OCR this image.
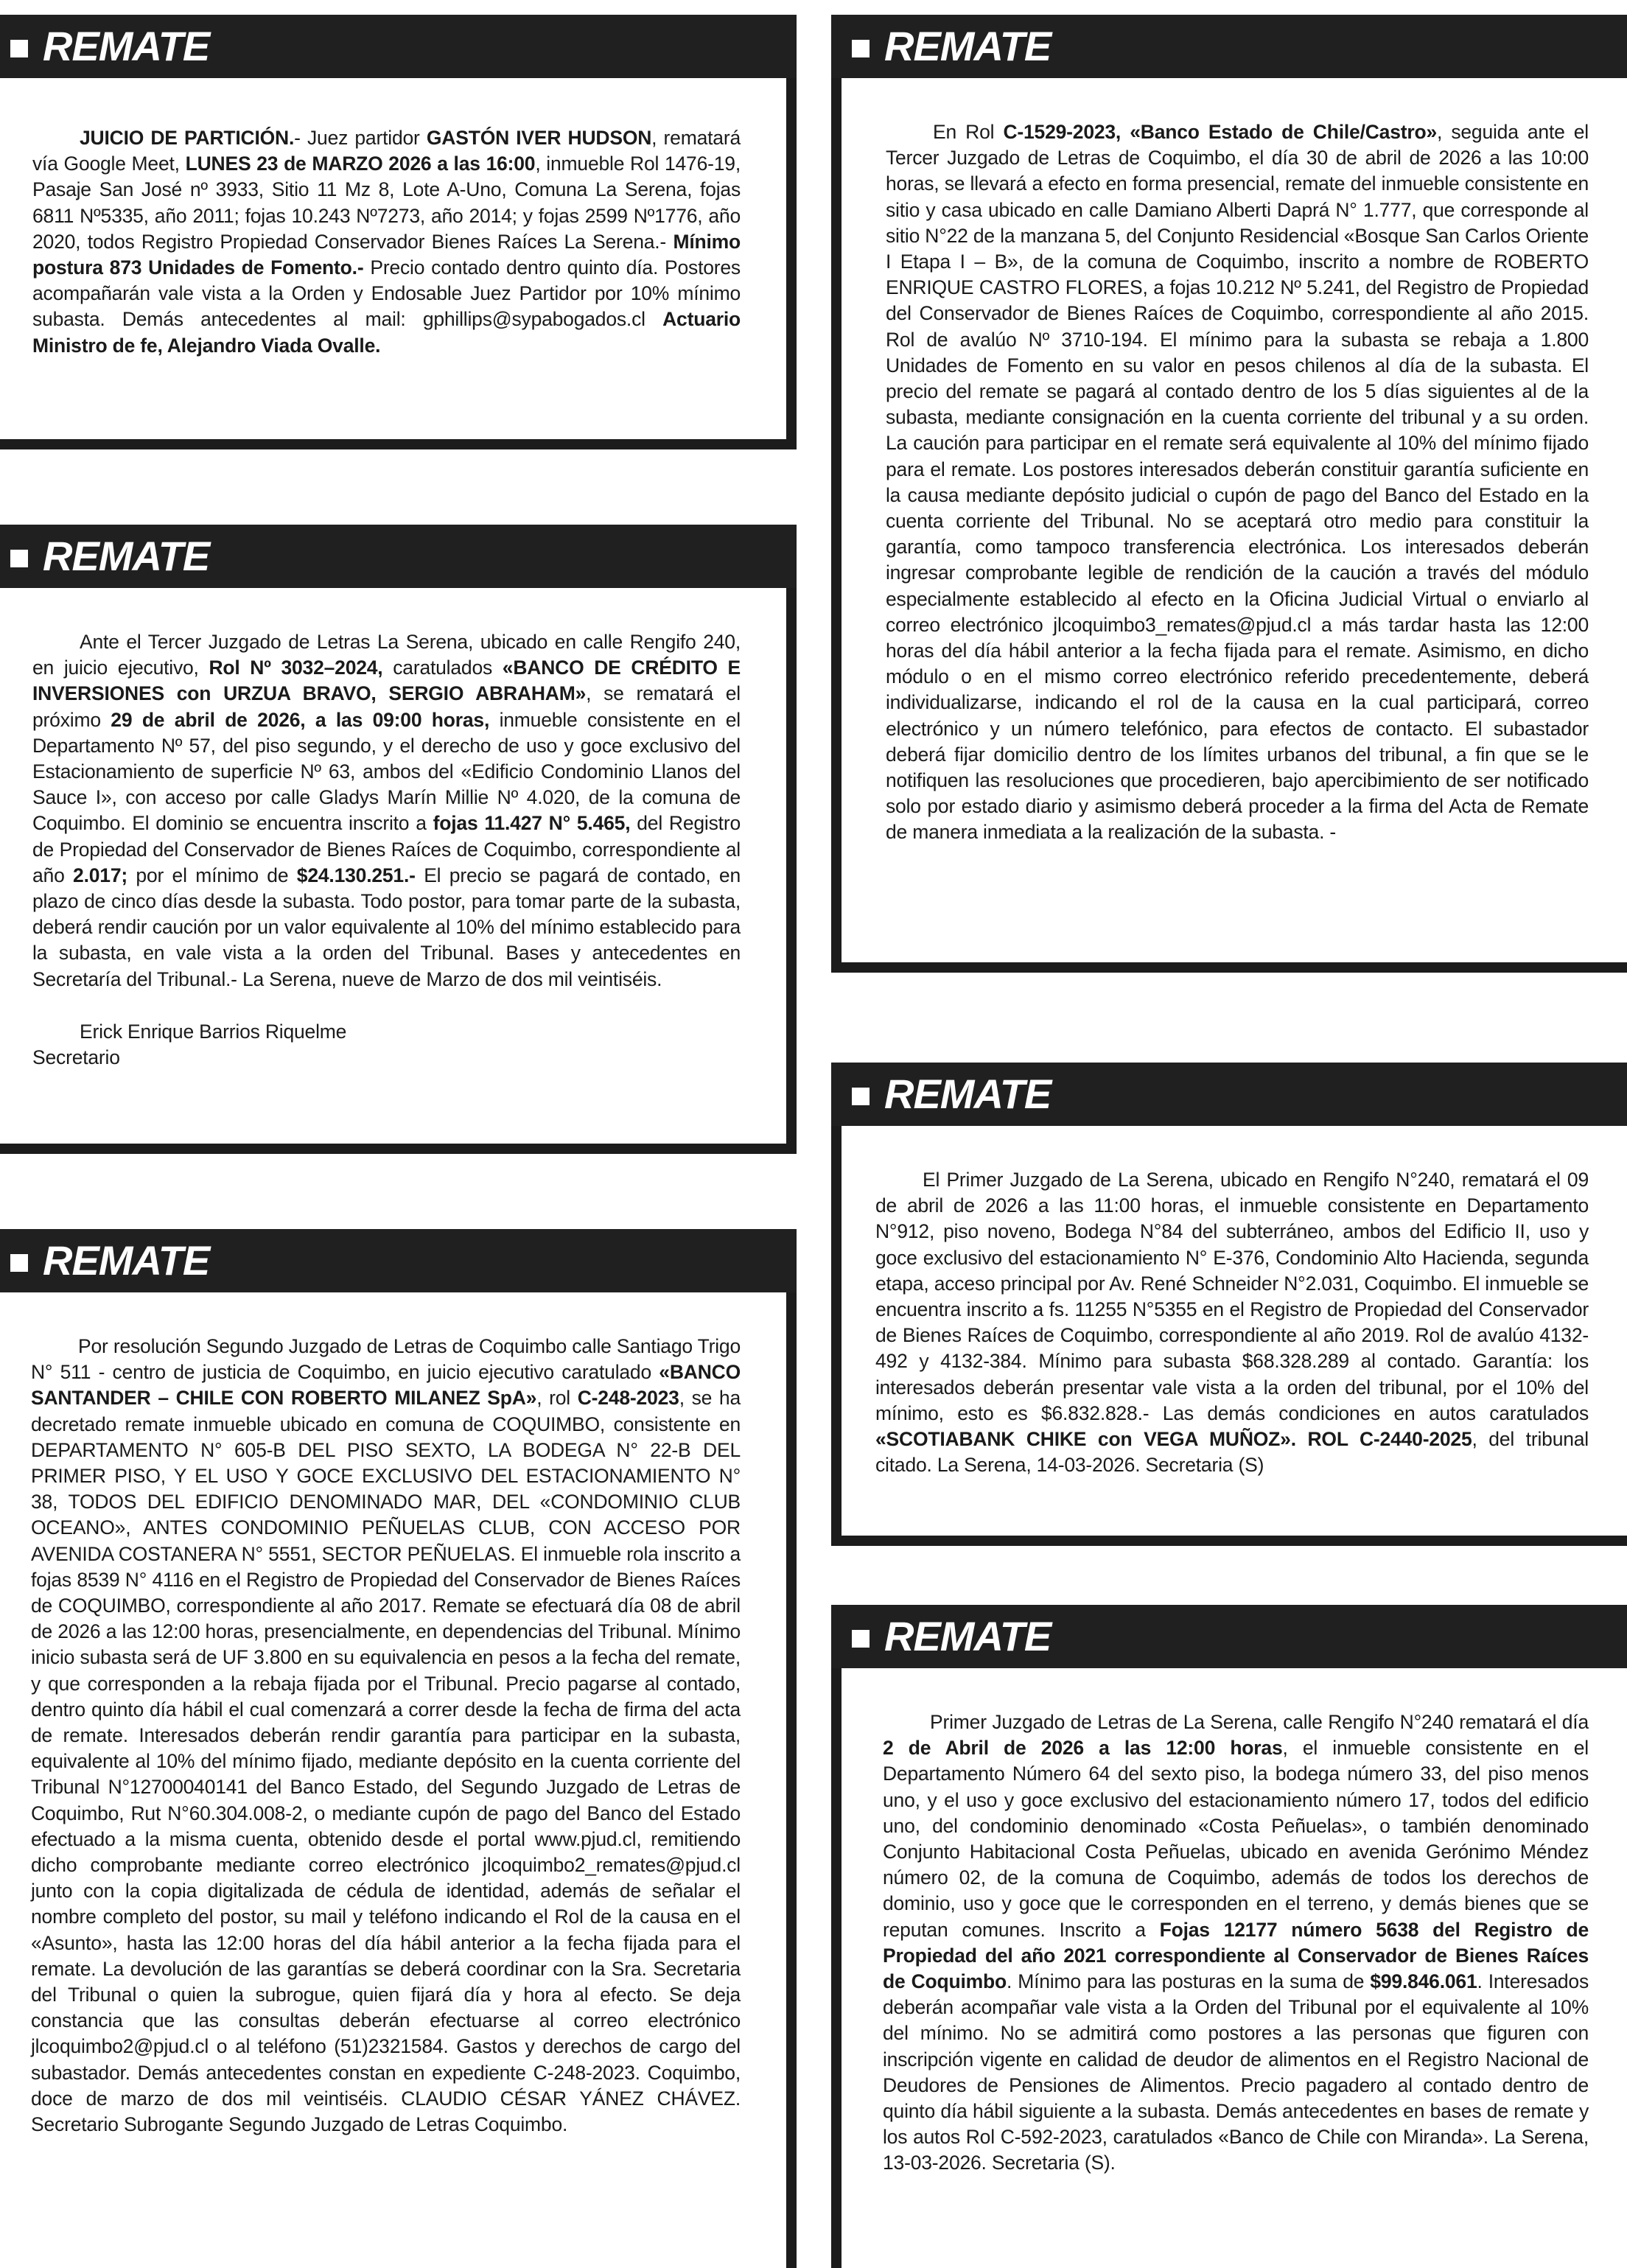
REMATE

JUICIO DE PARTICIÓN.- Juez partidor GASTÓN IVER HUDSON, rematará vía Google Meet, LUNES 23 de MARZO 2026 a las 16:00, inmueble Rol 1476-19, Pasaje San José nº 3933, Sitio 11 Mz 8, Lote A-Uno, Comuna La Serena, fojas 6811 Nº5335, año 2011; fojas 10.243 Nº7273, año 2014; y fojas 2599 Nº1776, año 2020, todos Registro Propiedad Conservador Bienes Raíces La Serena.- Mínimo postura 873 Unidades de Fomento.- Precio contado dentro quinto día. Postores acompañarán vale vista a la Orden y Endosable Juez Partidor por 10% mínimo subasta. Demás antecedentes al mail: gphillips@sypabogados.cl Actuario Ministro de fe, Alejandro Viada Ovalle.

REMATE

Ante el Tercer Juzgado de Letras La Serena, ubicado en calle Rengifo 240, en juicio ejecutivo, Rol Nº 3032–2024, caratulados «BANCO DE CRÉDITO E INVERSIONES con URZUA BRAVO, SERGIO ABRAHAM», se rematará el próximo 29 de abril de 2026, a las 09:00 horas, inmueble consistente en el Departamento Nº 57, del piso segundo, y el derecho de uso y goce exclusivo del Estacionamiento de superficie Nº 63, ambos del «Edificio Condominio Llanos del Sauce I», con acceso por calle Gladys Marín Millie Nº 4.020, de la comuna de Coquimbo. El dominio se encuentra inscrito a fojas 11.427 N° 5.465, del Registro de Propiedad del Conservador de Bienes Raíces de Coquimbo, correspondiente al año 2.017; por el mínimo de $24.130.251.- El precio se pagará de contado, en plazo de cinco días desde la subasta. Todo postor, para tomar parte de la subasta, deberá rendir caución por un valor equivalente al 10% del mínimo establecido para la subasta, en vale vista a la orden del Tribunal. Bases y antecedentes en Secretaría del Tribunal.- La Serena, nueve de Marzo de dos mil veintiséis.

Erick Enrique Barrios Riquelme
Secretario

REMATE

Por resolución Segundo Juzgado de Letras de Coquimbo calle Santiago Trigo N° 511 - centro de justicia de Coquimbo, en juicio ejecutivo caratulado «BANCO SANTANDER – CHILE CON ROBERTO MILANEZ SpA», rol C-248-2023, se ha decretado remate inmueble ubicado en comuna de COQUIMBO, consistente en DEPARTAMENTO N° 605-B DEL PISO SEXTO, LA BODEGA N° 22-B DEL PRIMER PISO, Y EL USO Y GOCE EXCLUSIVO DEL ESTACIONAMIENTO N° 38, TODOS DEL EDIFICIO DENOMINADO MAR, DEL «CONDOMINIO CLUB OCEANO», ANTES CONDOMINIO PEÑUELAS CLUB, CON ACCESO POR AVENIDA COSTANERA N° 5551, SECTOR PEÑUELAS. El inmueble rola inscrito a fojas 8539 N° 4116 en el Registro de Propiedad del Conservador de Bienes Raíces de COQUIMBO, correspondiente al año 2017. Remate se efectuará día 08 de abril de 2026 a las 12:00 horas, presencialmente, en dependencias del Tribunal. Mínimo inicio subasta será de UF 3.800 en su equivalencia en pesos a la fecha del remate, y que corresponden a la rebaja fijada por el Tribunal. Precio pagarse al contado, dentro quinto día hábil el cual comenzará a correr desde la fecha de firma del acta de remate. Interesados deberán rendir garantía para participar en la subasta, equivalente al 10% del mínimo fijado, mediante depósito en la cuenta corriente del Tribunal N°12700040141 del Banco Estado, del Segundo Juzgado de Letras de Coquimbo, Rut N°60.304.008-2, o mediante cupón de pago del Banco del Estado efectuado a la misma cuenta, obtenido desde el portal www.pjud.cl, remitiendo dicho comprobante mediante correo electrónico jlcoquimbo2_remates@pjud.cl junto con la copia digitalizada de cédula de identidad, además de señalar el nombre completo del postor, su mail y teléfono indicando el Rol de la causa en el «Asunto», hasta las 12:00 horas del día hábil anterior a la fecha fijada para el remate. La devolución de las garantías se deberá coordinar con la Sra. Secretaria del Tribunal o quien la subrogue, quien fijará día y hora al efecto. Se deja constancia que las consultas deberán efectuarse al correo electrónico jlcoquimbo2@pjud.cl o al teléfono (51)2321584. Gastos y derechos de cargo del subastador. Demás antecedentes constan en expediente C-248-2023. Coquimbo, doce de marzo de dos mil veintiséis. CLAUDIO CÉSAR YÁNEZ CHÁVEZ. Secretario Subrogante Segundo Juzgado de Letras Coquimbo.

REMATE

En Rol C-1529-2023, «Banco Estado de Chile/Castro», seguida ante el Tercer Juzgado de Letras de Coquimbo, el día 30 de abril de 2026 a las 10:00 horas, se llevará a efecto en forma presencial, remate del inmueble consistente en sitio y casa ubicado en calle Damiano Alberti Daprá N° 1.777, que corresponde al sitio N°22 de la manzana 5, del Conjunto Residencial «Bosque San Carlos Oriente I Etapa I – B», de la comuna de Coquimbo, inscrito a nombre de ROBERTO ENRIQUE CASTRO FLORES, a fojas 10.212 Nº 5.241, del Registro de Propiedad del Conservador de Bienes Raíces de Coquimbo, correspondiente al año 2015. Rol de avalúo Nº 3710-194. El mínimo para la subasta se rebaja a 1.800 Unidades de Fomento en su valor en pesos chilenos al día de la subasta. El precio del remate se pagará al contado dentro de los 5 días siguientes al de la subasta, mediante consignación en la cuenta corriente del tribunal y a su orden. La caución para participar en el remate será equivalente al 10% del mínimo fijado para el remate. Los postores interesados deberán constituir garantía suficiente en la causa mediante depósito judicial o cupón de pago del Banco del Estado en la cuenta corriente del Tribunal. No se aceptará otro medio para constituir la garantía, como tampoco transferencia electrónica. Los interesados deberán ingresar comprobante legible de rendición de la caución a través del módulo especialmente establecido al efecto en la Oficina Judicial Virtual o enviarlo al correo electrónico jlcoquimbo3_remates@pjud.cl a más tardar hasta las 12:00 horas del día hábil anterior a la fecha fijada para el remate. Asimismo, en dicho módulo o en el mismo correo electrónico referido precedentemente, deberá individualizarse, indicando el rol de la causa en la cual participará, correo electrónico y un número telefónico, para efectos de contacto. El subastador deberá fijar domicilio dentro de los límites urbanos del tribunal, a fin que se le notifiquen las resoluciones que procedieren, bajo apercibimiento de ser notificado solo por estado diario y asimismo deberá proceder a la firma del Acta de Remate de manera inmediata a la realización de la subasta. -

REMATE

El Primer Juzgado de La Serena, ubicado en Rengifo N°240, rematará el 09 de abril de 2026 a las 11:00 horas, el inmueble consistente en Departamento N°912, piso noveno, Bodega N°84 del subterráneo, ambos del Edificio II, uso y goce exclusivo del estacionamiento N° E-376, Condominio Alto Hacienda, segunda etapa, acceso principal por Av. René Schneider N°2.031, Coquimbo. El inmueble se encuentra inscrito a fs. 11255 N°5355 en el Registro de Propiedad del Conservador de Bienes Raíces de Coquimbo, correspondiente al año 2019. Rol de avalúo 4132-492 y 4132-384. Mínimo para subasta $68.328.289 al contado. Garantía: los interesados deberán presentar vale vista a la orden del tribunal, por el 10% del mínimo, esto es $6.832.828.- Las demás condiciones en autos caratulados «SCOTIABANK CHIKE con VEGA MUÑOZ». ROL C-2440-2025, del tribunal citado. La Serena, 14-03-2026. Secretaria (S)

REMATE

Primer Juzgado de Letras de La Serena, calle Rengifo N°240 rematará el día 2 de Abril de 2026 a las 12:00 horas, el inmueble consistente en el Departamento Número 64 del sexto piso, la bodega número 33, del piso menos uno, y el uso y goce exclusivo del estacionamiento número 17, todos del edificio uno, del condominio denominado «Costa Peñuelas», o también denominado Conjunto Habitacional Costa Peñuelas, ubicado en avenida Gerónimo Méndez número 02, de la comuna de Coquimbo, además de todos los derechos de dominio, uso y goce que le corresponden en el terreno, y demás bienes que se reputan comunes. Inscrito a Fojas 12177 número 5638 del Registro de Propiedad del año 2021 correspondiente al Conservador de Bienes Raíces de Coquimbo. Mínimo para las posturas en la suma de $99.846.061. Interesados deberán acompañar vale vista a la Orden del Tribunal por el equivalente al 10% del mínimo. No se admitirá como postores a las personas que figuren con inscripción vigente en calidad de deudor de alimentos en el Registro Nacional de Deudores de Pensiones de Alimentos. Precio pagadero al contado dentro de quinto día hábil siguiente a la subasta. Demás antecedentes en bases de remate y los autos Rol C-592-2023, caratulados «Banco de Chile con Miranda». La Serena, 13-03-2026. Secretaria (S).
